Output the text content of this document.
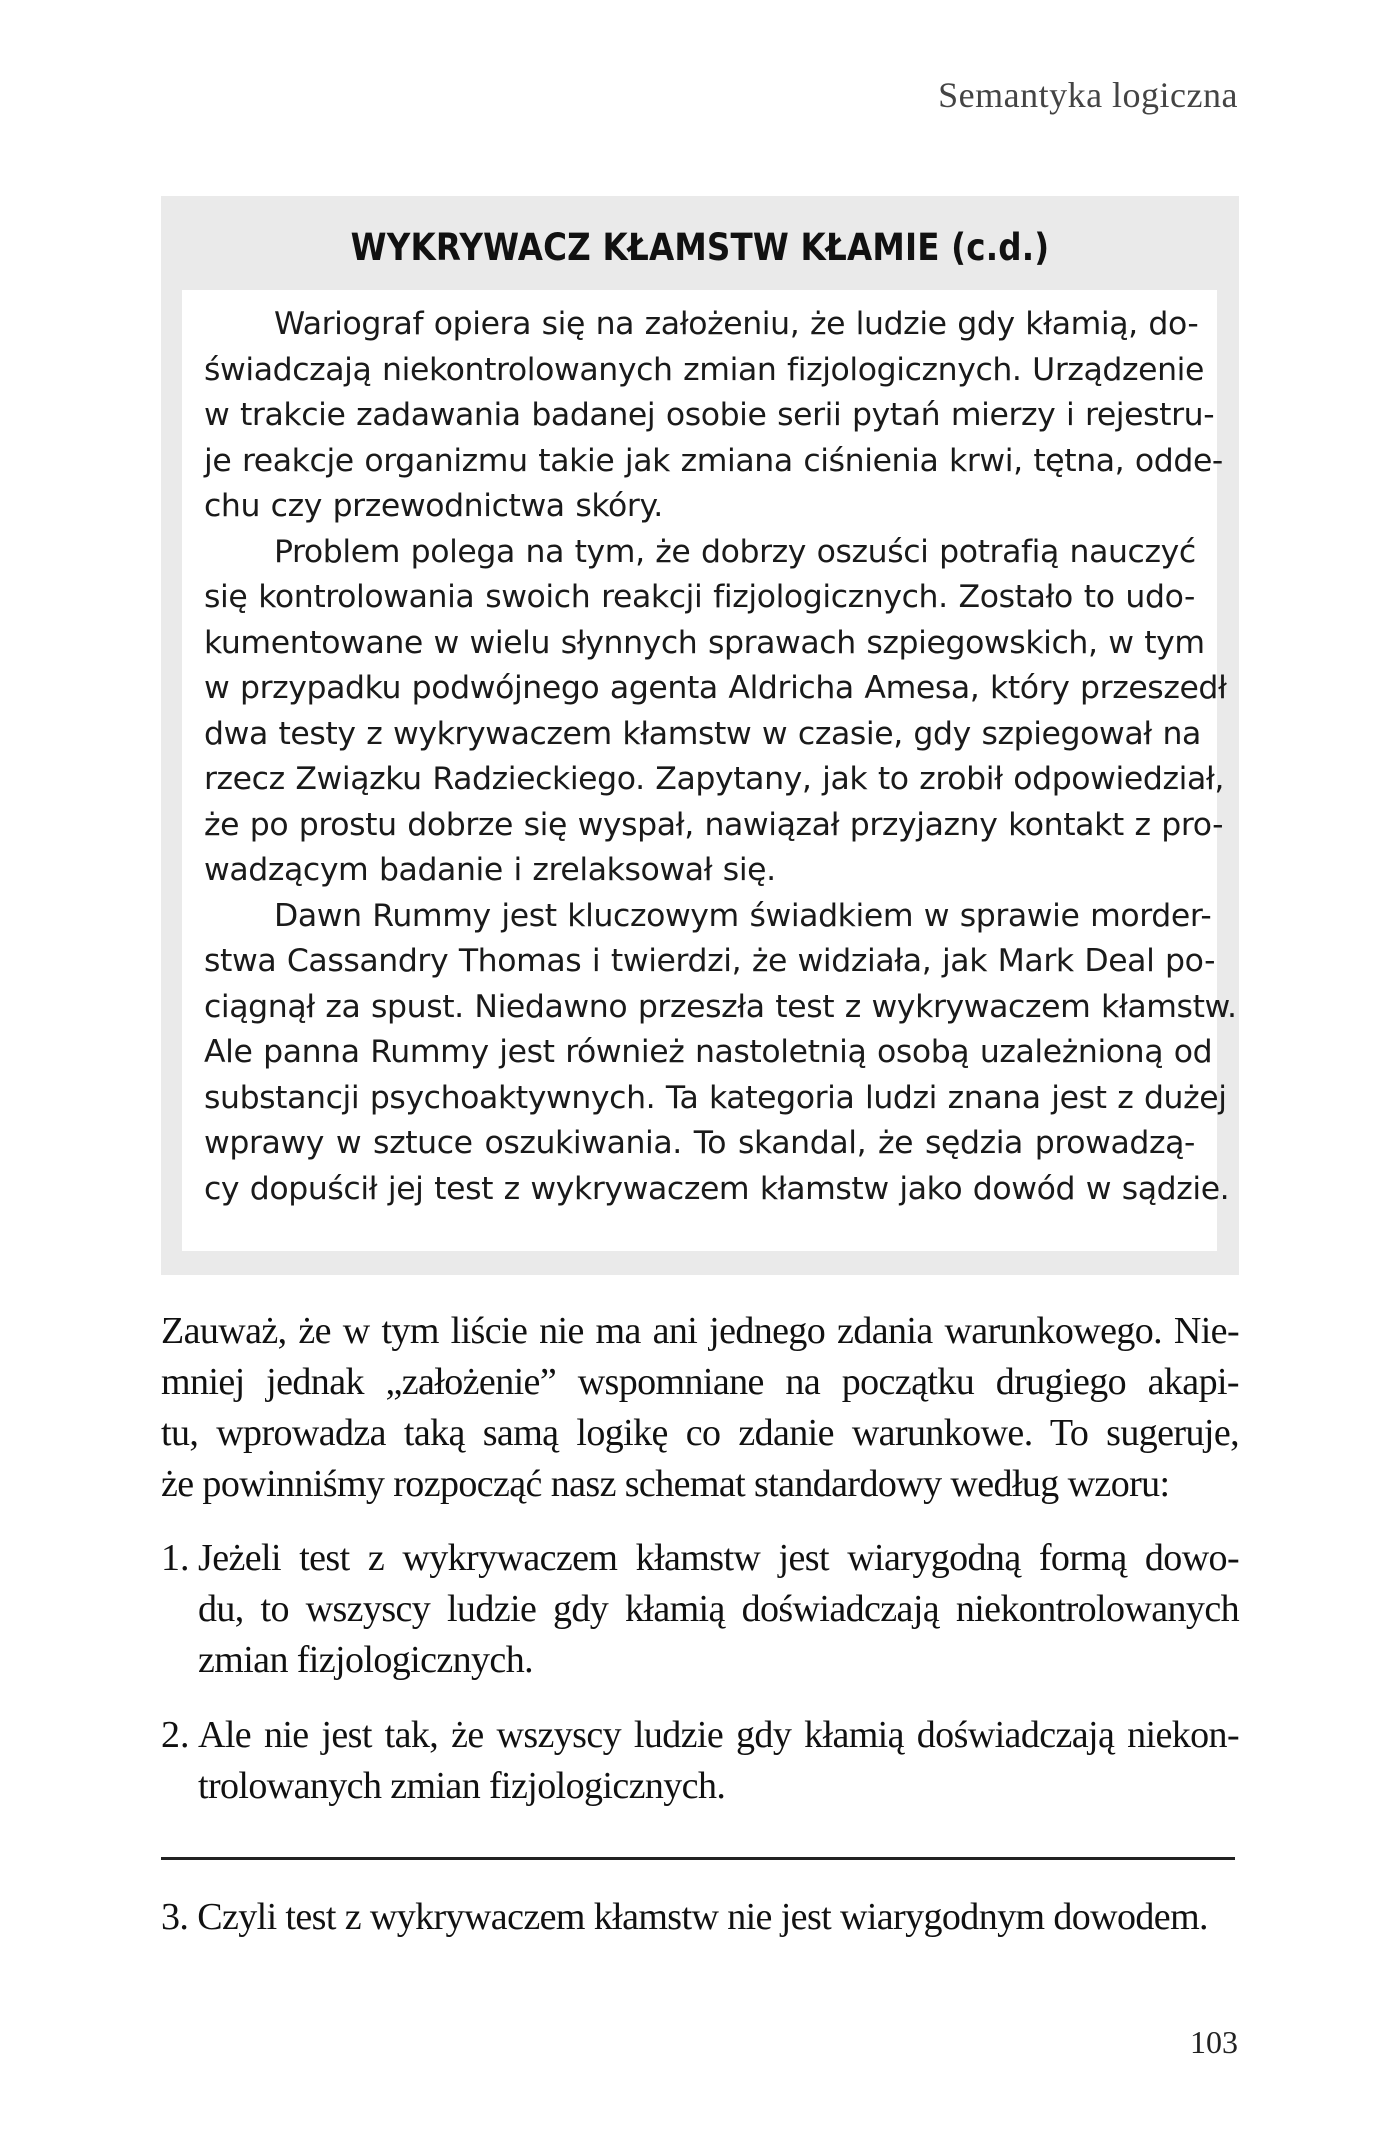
Semantyka logiczna
WYKRYWACZ KŁAMSTW KŁAMIE (c.d.)

Wariograf opiera się na założeniu, że ludzie gdy kłamią, do-
świadczają niekontrolowanych zmian fizjologicznych. Urządzenie
w trakcie zadawania badanej osobie serii pytań mierzy i rejestru-
je reakcje organizmu takie jak zmiana ciśnienia krwi, tętna, odde-
chu czy przewodnictwa skóry.

Problem polega na tym, że dobrzy oszuści potrafią nauczyć
się kontrolowania swoich reakcji fizjologicznych. Zostało to udo-
kumentowane w wielu słynnych sprawach szpiegowskich, w tym
w przypadku podwójnego agenta Aldricha Amesa, który przeszedł
dwa testy z wykrywaczem kłamstw w czasie, gdy szpiegował na
rzecz Związku Radzieckiego. Zapytany, jak to zrobił odpowiedział,
że po prostu dobrze się wyspał, nawiązał przyjazny kontakt z pro-
wadzącym badanie i zrelaksował się.

Dawn Rummy jest kluczowym świadkiem w sprawie morder-
stwa Cassandry Thomas i twierdzi, że widziała, jak Mark Deal po-
ciągnął za spust. Niedawno przeszła test z wykrywaczem kłamstw.
Ale panna Rummy jest również nastoletnią osobą uzależnioną od
substancji psychoaktywnych. Ta kategoria ludzi znana jest z dużej
wprawy w sztuce oszukiwania. To skandal, że sędzia prowadzą-
cy dopuścił jej test z wykrywaczem kłamstw jako dowód w sądzie.

Zauważ, że w tym liście nie ma ani jednego zdania warunkowego. Nie-
mniej jednak „założenie” wspomniane na początku drugiego akapi-
tu, wprowadza taką samą logikę co zdanie warunkowe. To sugeruje,
że powinniśmy rozpocząć nasz schemat standardowy według wzoru:
1. Jeżeli test z wykrywaczem kłamstw jest wiarygodną formą dowo-
du, to wszyscy ludzie gdy kłamią doświadczają niekontrolowanych
zmian fizjologicznych.
2. Ale nie jest tak, że wszyscy ludzie gdy kłamią doświadczają niekon-
trolowanych zmian fizjologicznych.
3. Czyli test z wykrywaczem kłamstw nie jest wiarygodnym dowodem.
103
